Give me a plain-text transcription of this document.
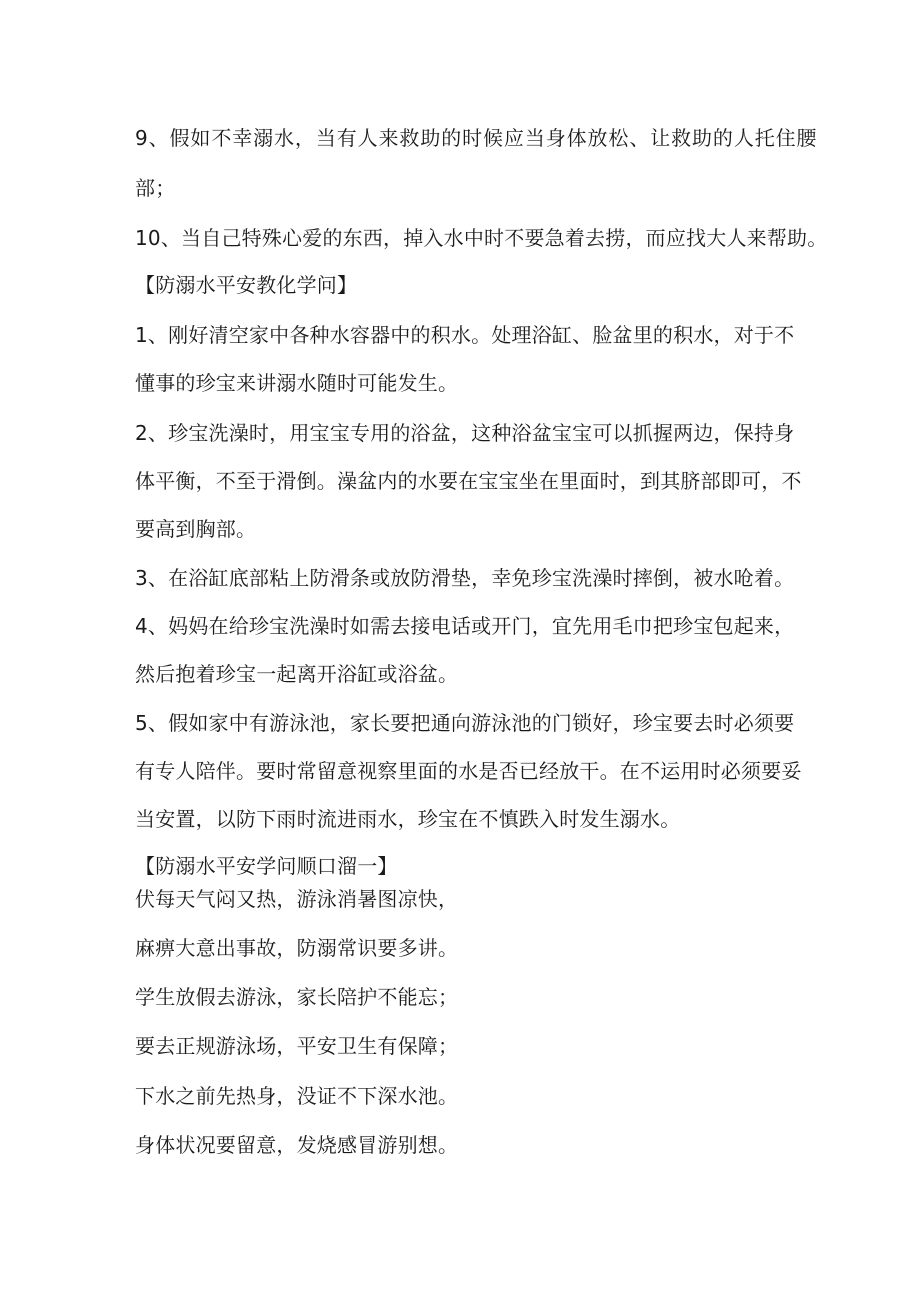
9、假如不幸溺水，当有人来救助的时候应当身体放松、让救助的人托住腰
部；
10、当自己特殊心爱的东西，掉入水中时不要急着去捞，而应找大人来帮助。
【防溺水平安教化学问】
1、刚好清空家中各种水容器中的积水。处理浴缸、脸盆里的积水，对于不
懂事的珍宝来讲溺水随时可能发生。
2、珍宝洗澡时，用宝宝专用的浴盆，这种浴盆宝宝可以抓握两边，保持身
体平衡，不至于滑倒。澡盆内的水要在宝宝坐在里面时，到其脐部即可，不
要高到胸部。
3、在浴缸底部粘上防滑条或放防滑垫，幸免珍宝洗澡时摔倒，被水呛着。
4、妈妈在给珍宝洗澡时如需去接电话或开门，宜先用毛巾把珍宝包起来，
然后抱着珍宝一起离开浴缸或浴盆。
5、假如家中有游泳池，家长要把通向游泳池的门锁好，珍宝要去时必须要
有专人陪伴。要时常留意视察里面的水是否已经放干。在不运用时必须要妥
当安置，以防下雨时流进雨水，珍宝在不慎跌入时发生溺水。
【防溺水平安学问顺口溜一】
伏每天气闷又热，游泳消暑图凉快，
麻痹大意出事故，防溺常识要多讲。
学生放假去游泳，家长陪护不能忘；
要去正规游泳场，平安卫生有保障；
下水之前先热身，没证不下深水池。
身体状况要留意，发烧感冒游别想。
